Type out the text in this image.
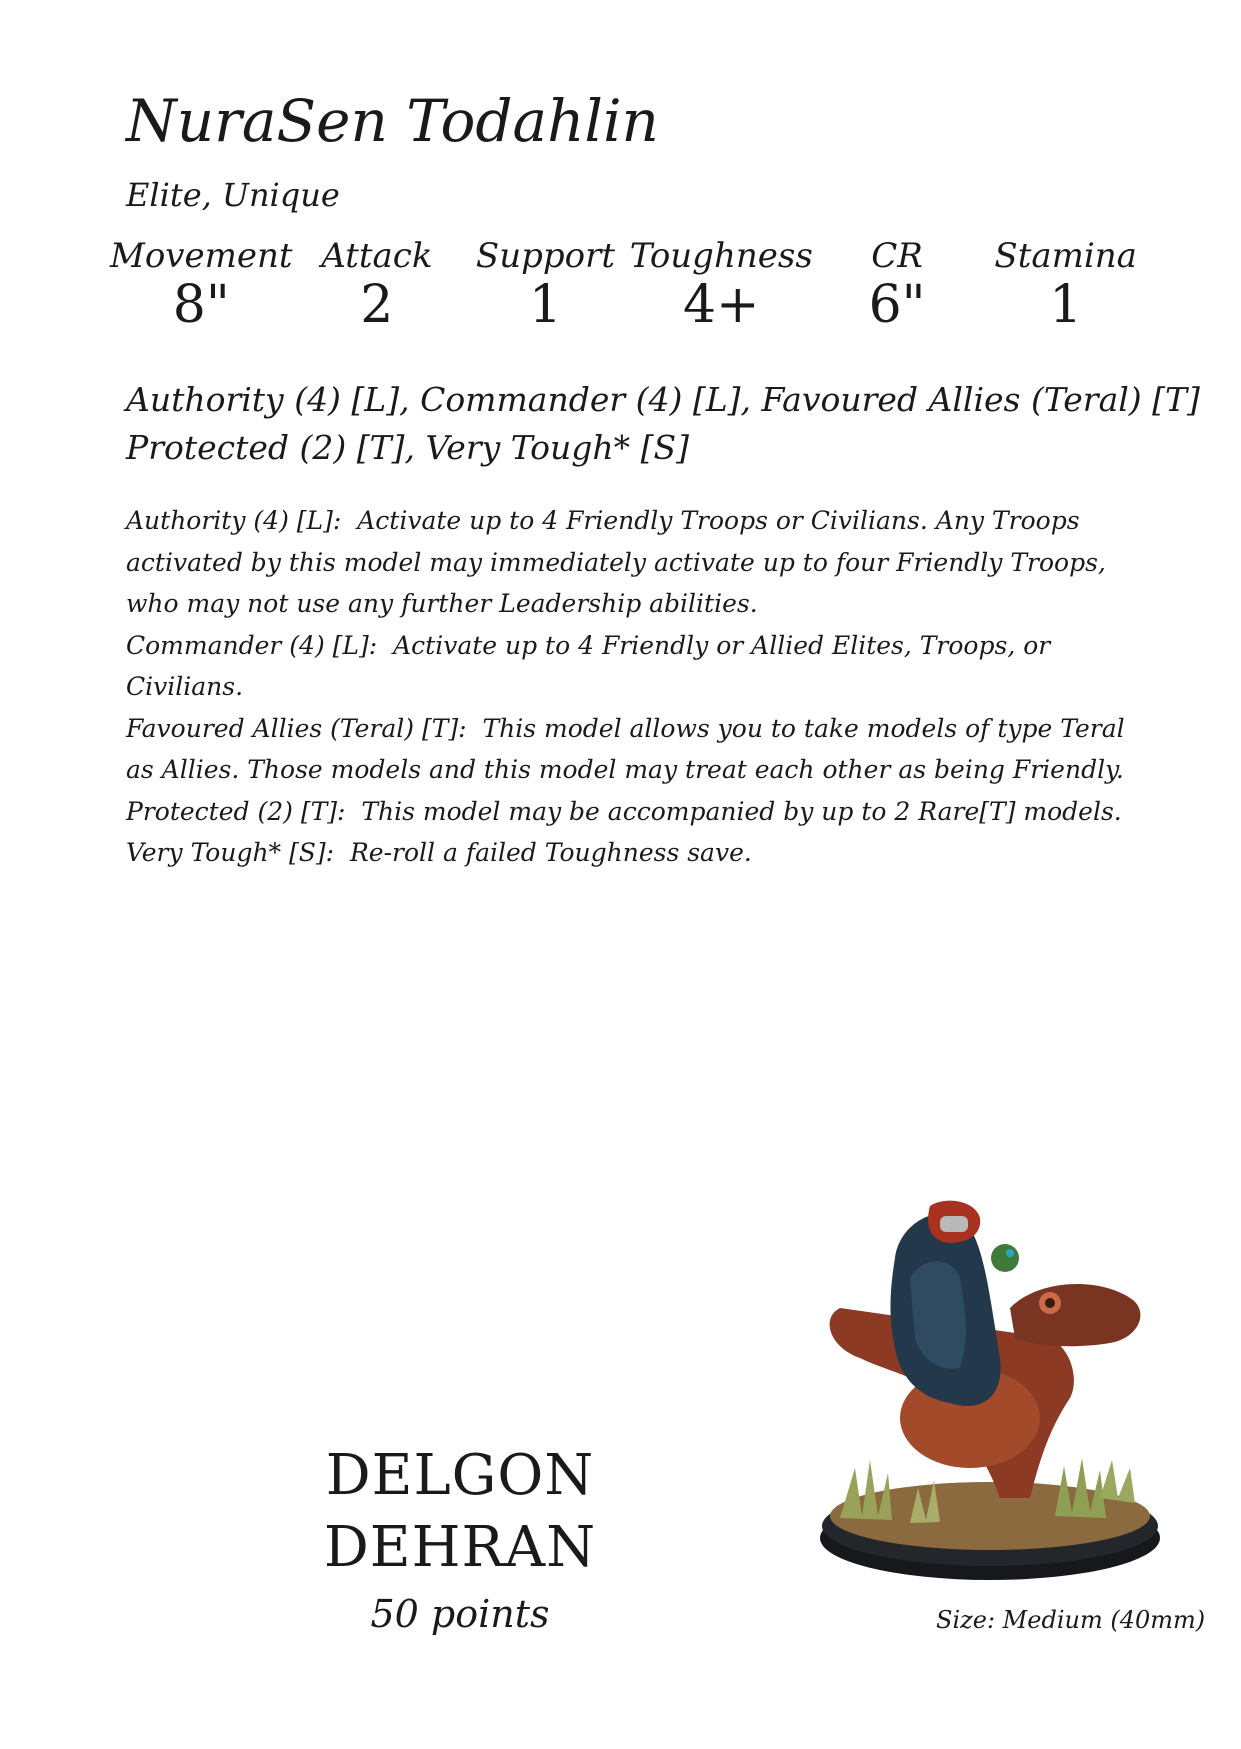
NuraSen Todahlin
Elite, Unique
Movement
8"
Attack
2
Support
1
Toughness
4+
CR
6"
Stamina
1
Authority (4) [L], Commander (4) [L], Favoured Allies (Teral) [T]
Protected (2) [T], Very Tough* [S]
Authority (4) [L]: Activate up to 4 Friendly Troops or Civilians. Any Troops activated by this model may immediately activate up to four Friendly Troops, who may not use any further Leadership abilities.
Commander (4) [L]: Activate up to 4 Friendly or Allied Elites, Troops, or Civilians.
Favoured Allies (Teral) [T]: This model allows you to take models of type Teral as Allies. Those models and this model may treat each other as being Friendly.
Protected (2) [T]: This model may be accompanied by up to 2 Rare[T] models.
Very Tough* [S]: Re-roll a failed Toughness save.
DELGON
DEHRAN
50 points	Size: Medium (40mm)
